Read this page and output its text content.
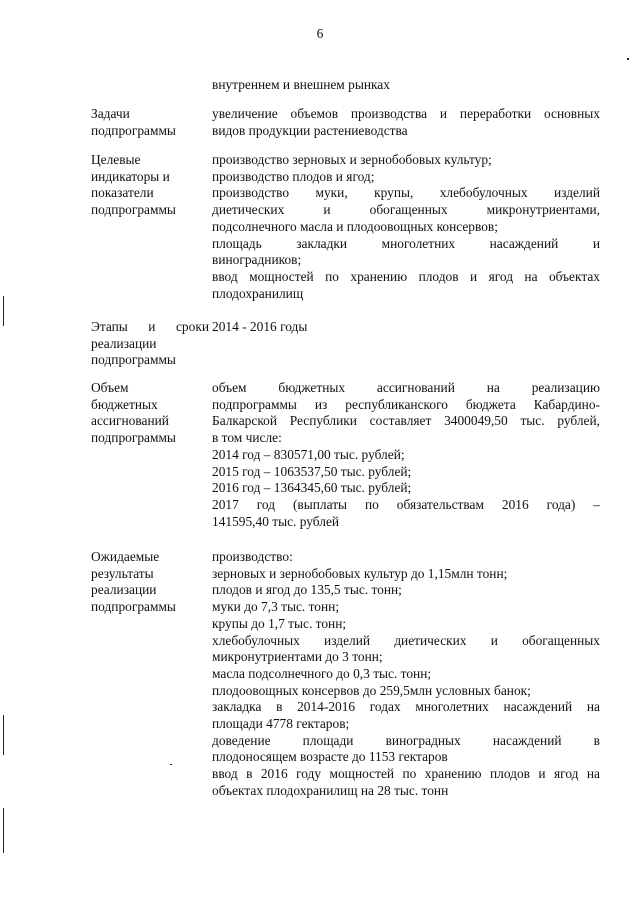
6
внутреннем и внешнем рынках
Задачи
подпрограммы
увеличение объемов производства и переработки основных
видов продукции растениеводства
Целевые
индикаторы и
показатели
подпрограммы
производство зерновых и зернобобовых культур;
производство плодов и ягод;
производство муки, крупы, хлебобулочных изделий
диетических и обогащенных микронутриентами,
подсолнечного масла и плодоовощных консервов;
площадь закладки многолетних насаждений и
виноградников;
ввод мощностей по хранению плодов и ягод на объектах
плодохранилищ
Этапы и сроки
реализации
подпрограммы
2014 - 2016 годы
Объем
бюджетных
ассигнований
подпрограммы
объем бюджетных ассигнований на реализацию
подпрограммы из республиканского бюджета Кабардино-
Балкарской Республики составляет 3400049,50 тыс. рублей,
в том числе:
2014 год – 830571,00 тыс. рублей;
2015 год – 1063537,50 тыс. рублей;
2016 год – 1364345,60 тыс. рублей;
2017 год (выплаты по обязательствам 2016 года) –
141595,40 тыс. рублей
Ожидаемые
результаты
реализации
подпрограммы
производство:
зерновых и зернобобовых культур до 1,15млн тонн;
плодов и ягод до 135,5 тыс. тонн;
муки до 7,3 тыс. тонн;
крупы до 1,7 тыс. тонн;
хлебобулочных изделий диетических и обогащенных
микронутриентами до 3 тонн;
масла подсолнечного до 0,3 тыс. тонн;
плодоовощных консервов до 259,5млн условных банок;
закладка в 2014-2016 годах многолетних насаждений на
площади 4778 гектаров;
доведение площади виноградных насаждений в
плодоносящем возрасте до 1153 гектаров
ввод в 2016 году мощностей по хранению плодов и ягод на
объектах плодохранилищ на 28 тыс. тонн
